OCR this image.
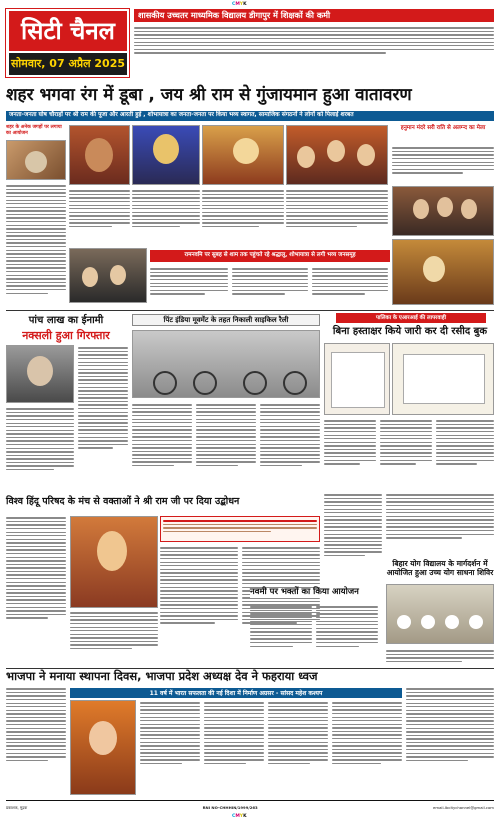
CMYK
सिटी चैनल
सोमवार, 07 अप्रैल 2025
शासकीय उच्चतर माध्यमिक विद्यालय डीगापुर में शिक्षकों की कमी
शहर भगवा रंग में डूबा , जय श्री राम से गुंजायमान हुआ वातावरण
जनता-जनता घोष चौराहों पर श्री राम की पूजा और आरती हुई , शोभायात्रा का जनता-जनता पर किया भव्य स्वागत, सामाजिक संगठनों ने लोगों को पिलाई शरबत
शहर के अनेक जगहों पर लगाया का आयोजन
हनुमान मंदरे सरी राति से अलग्न्द का मेला
रामनवमि पर सुबह से शाम तक पहुंचते रहे श्रद्धालु, शोभायात्रा से लगी भव्य जनसमूह
पांच लाख का ईनामी
नक्सली हुआ गिरफ्तार
पिंट इंडिया मूवमेंट के तहत निकाली साइकिल रैली	पालिका के एआरआई की लापरवाही
बिना हस्ताक्षर किये जारी कर दी रसीद बुक
विश्व हिंदू परिषद के मंच से वक्ताओं ने श्री राम जी पर दिया उद्बोधन
नवमी पर भक्तों का किया आयोजन
बिहार योग विद्यालय के मार्गदर्शन में आयोजित हुआ उच्च योग साधना शिविर
भाजपा ने मनाया स्थापना दिवस, भाजपा प्रदेश अध्यक्ष देव ने फहराया ध्वज
11 वर्ष में भारत सफलता की नई दिशा में निर्माण अग्रसर - सांसद महेश कश्यप
प्रकाशक, मुद्रक	RNI NO-CHHHIN/1999/263	email-Ibcitychannel@gmail.com
CMYK
